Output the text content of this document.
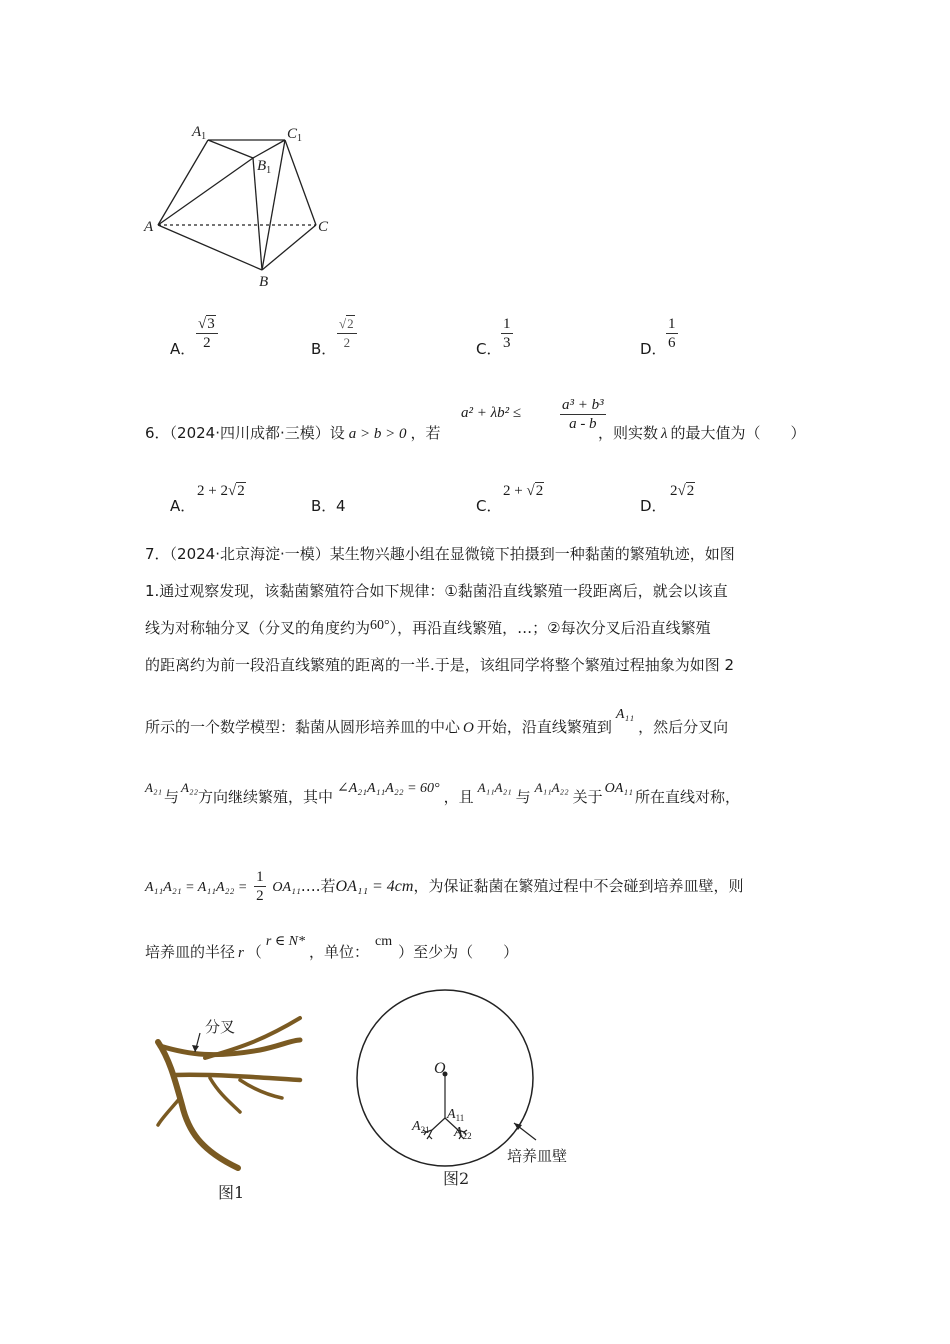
$A_1$	$C_1$
$B_1$
A	C
B
A．
√3
2	B．
√2
2	C．
1
3	D．
1
6
6．（2024·四川成都·三模）设 a > b > 0 ，若
a² + λb² ≤	a³ + b³
a - b ，则实数 λ 的最大值为（　　）
A．
2 + 2√2
B． 4	C．
2 + √2
D．
2√2
7．（2024·北京海淀·一模）某生物兴趣小组在显微镜下拍摄到一种黏菌的繁殖轨迹，如图
1.通过观察发现，该黏菌繁殖符合如下规律：①黏菌沿直线繁殖一段距离后，就会以该直
线为对称轴分叉（分叉的角度约为60°），再沿直线繁殖，…；②每次分叉后沿直线繁殖
的距离约为前一段沿直线繁殖的距离的一半.于是，该组同学将整个繁殖过程抽象为如图 2
所示的一个数学模型：黏菌从圆形培养皿的中心 O 开始，沿直线繁殖到A₁₁，然后分叉向
A₂₁与A₂₂方向继续繁殖，其中 ∠A₂₁A₁₁A₂₂ = 60° ，且A₁₁A₂₁与A₁₁A₂₂关于 OA₁₁ 所在直线对称，
$A_{11}A_{21} = A_{11}A_{22} = \frac{1}{2}$ OA₁₁….若OA₁₁ = 4cm，为保证黏菌在繁殖过程中不会碰到培养皿壁，则
培养皿的半径 r （r ∈ N*，单位：cm）至少为（　　）
分叉
图1
O
$A_{11}$
$A_{21}$ $A_{22}$
培养皿壁
图2
